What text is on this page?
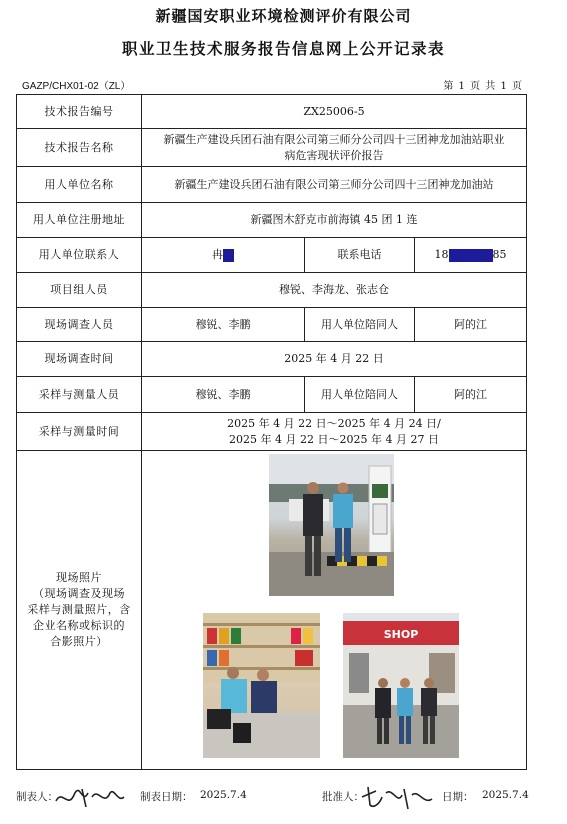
新疆国安职业环境检测评价有限公司
职业卫生技术服务报告信息网上公开记录表
GAZP/CHX01-02（ZL）	第 1 页 共 1 页
技术报告编号	ZX25006-5		
技术报告名称	新疆生产建设兵团石油有限公司第三师分公司四十三团神龙加油站职业
病危害现状评价报告		

用人单位名称	新疆生产建设兵团石油有限公司第三师分公司四十三团神龙加油站		
用人单位注册地址	新疆图木舒克市前海镇 45 团 1 连		
用人单位联系人	冉	联系电话	18 85
项目组人员	穆锐、李海龙、张志仓		
现场调查人员	穆锐、李鹏	用人单位陪同人	阿的江
现场调查时间	2025 年 4 月 22 日		
采样与测量人员	穆锐、李鹏	用人单位陪同人	阿的江
采样与测量时间	2025 年 4 月 22 日～2025 年 4 月 24 日/
2025 年 4 月 22 日～2025 年 4 月 27 日		

现场照片
（现场调查及现场
采样与测量照片，含
企业名称或标识的
合影照片）	SHOP		
制表人：	制表日期： 2025.7.4	批准人：	日期： 2025.7.4
